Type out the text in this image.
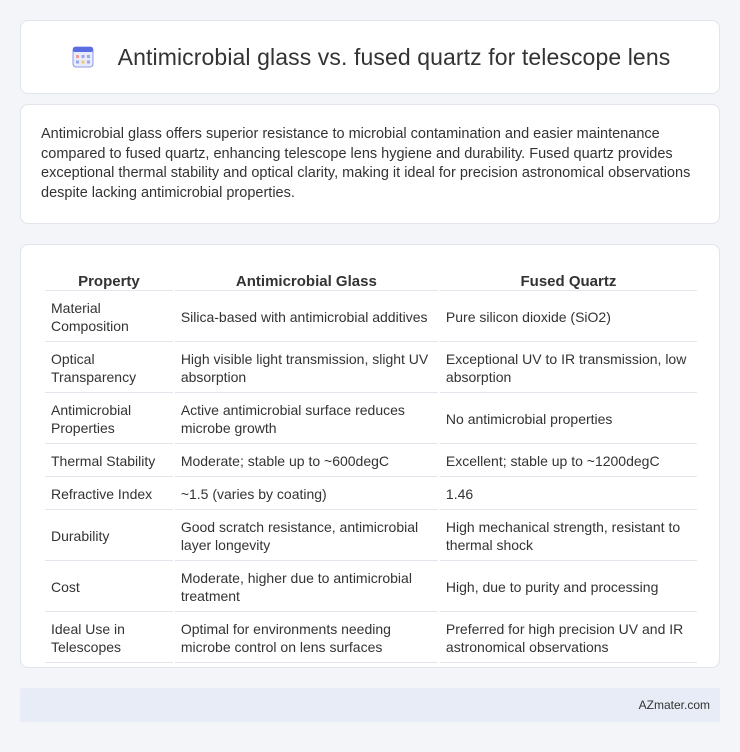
Antimicrobial glass vs. fused quartz for telescope lens

Antimicrobial glass offers superior resistance to microbial contamination and easier maintenance compared to fused quartz, enhancing telescope lens hygiene and durability. Fused quartz provides exceptional thermal stability and optical clarity, making it ideal for precision astronomical observations despite lacking antimicrobial properties.

Property	Antimicrobial Glass	Fused Quartz
Material Composition	Silica-based with antimicrobial additives	Pure silicon dioxide (SiO2)
Optical Transparency	High visible light transmission, slight UV absorption	Exceptional UV to IR transmission, low absorption
Antimicrobial Properties	Active antimicrobial surface reduces microbe growth	No antimicrobial properties
Thermal Stability	Moderate; stable up to ~600degC	Excellent; stable up to ~1200degC
Refractive Index	~1.5 (varies by coating)	1.46
Durability	Good scratch resistance, antimicrobial layer longevity	High mechanical strength, resistant to thermal shock
Cost	Moderate, higher due to antimicrobial treatment	High, due to purity and processing
Ideal Use in Telescopes	Optimal for environments needing microbe control on lens surfaces	Preferred for high precision UV and IR astronomical observations
AZmater.com
